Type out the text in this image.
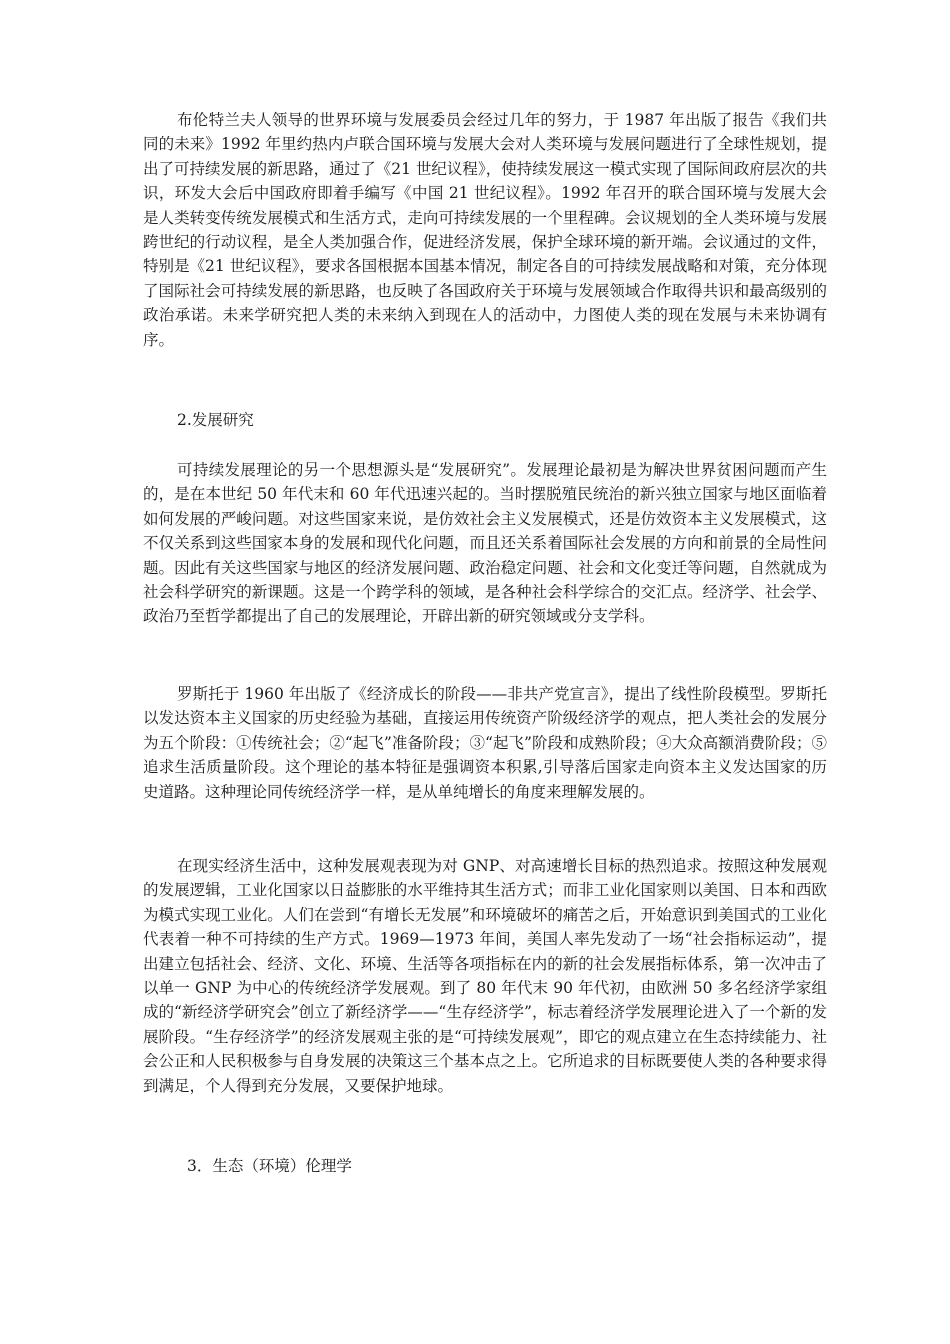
布伦特兰夫人领导的世界环境与发展委员会经过几年的努力，于 1987 年出版了报告《我们共同的未来》1992 年里约热内卢联合国环境与发展大会对人类环境与发展问题进行了全球性规划，提出了可持续发展的新思路，通过了《21 世纪议程》，使持续发展这一模式实现了国际间政府层次的共识，环发大会后中国政府即着手编写《中国 21 世纪议程》。1992 年召开的联合国环境与发展大会是人类转变传统发展模式和生活方式，走向可持续发展的一个里程碑。会议规划的全人类环境与发展跨世纪的行动议程，是全人类加强合作，促进经济发展，保护全球环境的新开端。会议通过的文件，特别是《21 世纪议程》，要求各国根据本国基本情况，制定各自的可持续发展战略和对策，充分体现了国际社会可持续发展的新思路，也反映了各国政府关于环境与发展领域合作取得共识和最高级别的政治承诺。未来学研究把人类的未来纳入到现在人的活动中，力图使人类的现在发展与未来协调有序。

2.发展研究

可持续发展理论的另一个思想源头是“发展研究”。发展理论最初是为解决世界贫困问题而产生的，是在本世纪 50 年代末和 60 年代迅速兴起的。当时摆脱殖民统治的新兴独立国家与地区面临着如何发展的严峻问题。对这些国家来说，是仿效社会主义发展模式，还是仿效资本主义发展模式，这不仅关系到这些国家本身的发展和现代化问题，而且还关系着国际社会发展的方向和前景的全局性问题。因此有关这些国家与地区的经济发展问题、政治稳定问题、社会和文化变迁等问题，自然就成为社会科学研究的新课题。这是一个跨学科的领域，是各种社会科学综合的交汇点。经济学、社会学、政治乃至哲学都提出了自己的发展理论，开辟出新的研究领域或分支学科。

罗斯托于 1960 年出版了《经济成长的阶段——非共产党宣言》，提出了线性阶段模型。罗斯托以发达资本主义国家的历史经验为基础，直接运用传统资产阶级经济学的观点，把人类社会的发展分为五个阶段：①传统社会；②“起飞”准备阶段；③“起飞”阶段和成熟阶段；④大众高额消费阶段；⑤追求生活质量阶段。这个理论的基本特征是强调资本积累,引导落后国家走向资本主义发达国家的历史道路。这种理论同传统经济学一样，是从单纯增长的角度来理解发展的。

在现实经济生活中，这种发展观表现为对 GNP、对高速增长目标的热烈追求。按照这种发展观的发展逻辑，工业化国家以日益膨胀的水平维持其生活方式；而非工业化国家则以美国、日本和西欧为模式实现工业化。人们在尝到“有增长无发展”和环境破坏的痛苦之后，开始意识到美国式的工业化代表着一种不可持续的生产方式。1969—1973 年间，美国人率先发动了一场“社会指标运动”，提出建立包括社会、经济、文化、环境、生活等各项指标在内的新的社会发展指标体系，第一次冲击了以单一 GNP 为中心的传统经济学发展观。到了 80 年代末 90 年代初，由欧洲 50 多名经济学家组成的“新经济学研究会”创立了新经济学——“生存经济学”，标志着经济学发展理论进入了一个新的发展阶段。“生存经济学”的经济发展观主张的是“可持续发展观”，即它的观点建立在生态持续能力、社会公正和人民积极参与自身发展的决策这三个基本点之上。它所追求的目标既要使人类的各种要求得到满足，个人得到充分发展，又要保护地球。

3．生态（环境）伦理学
